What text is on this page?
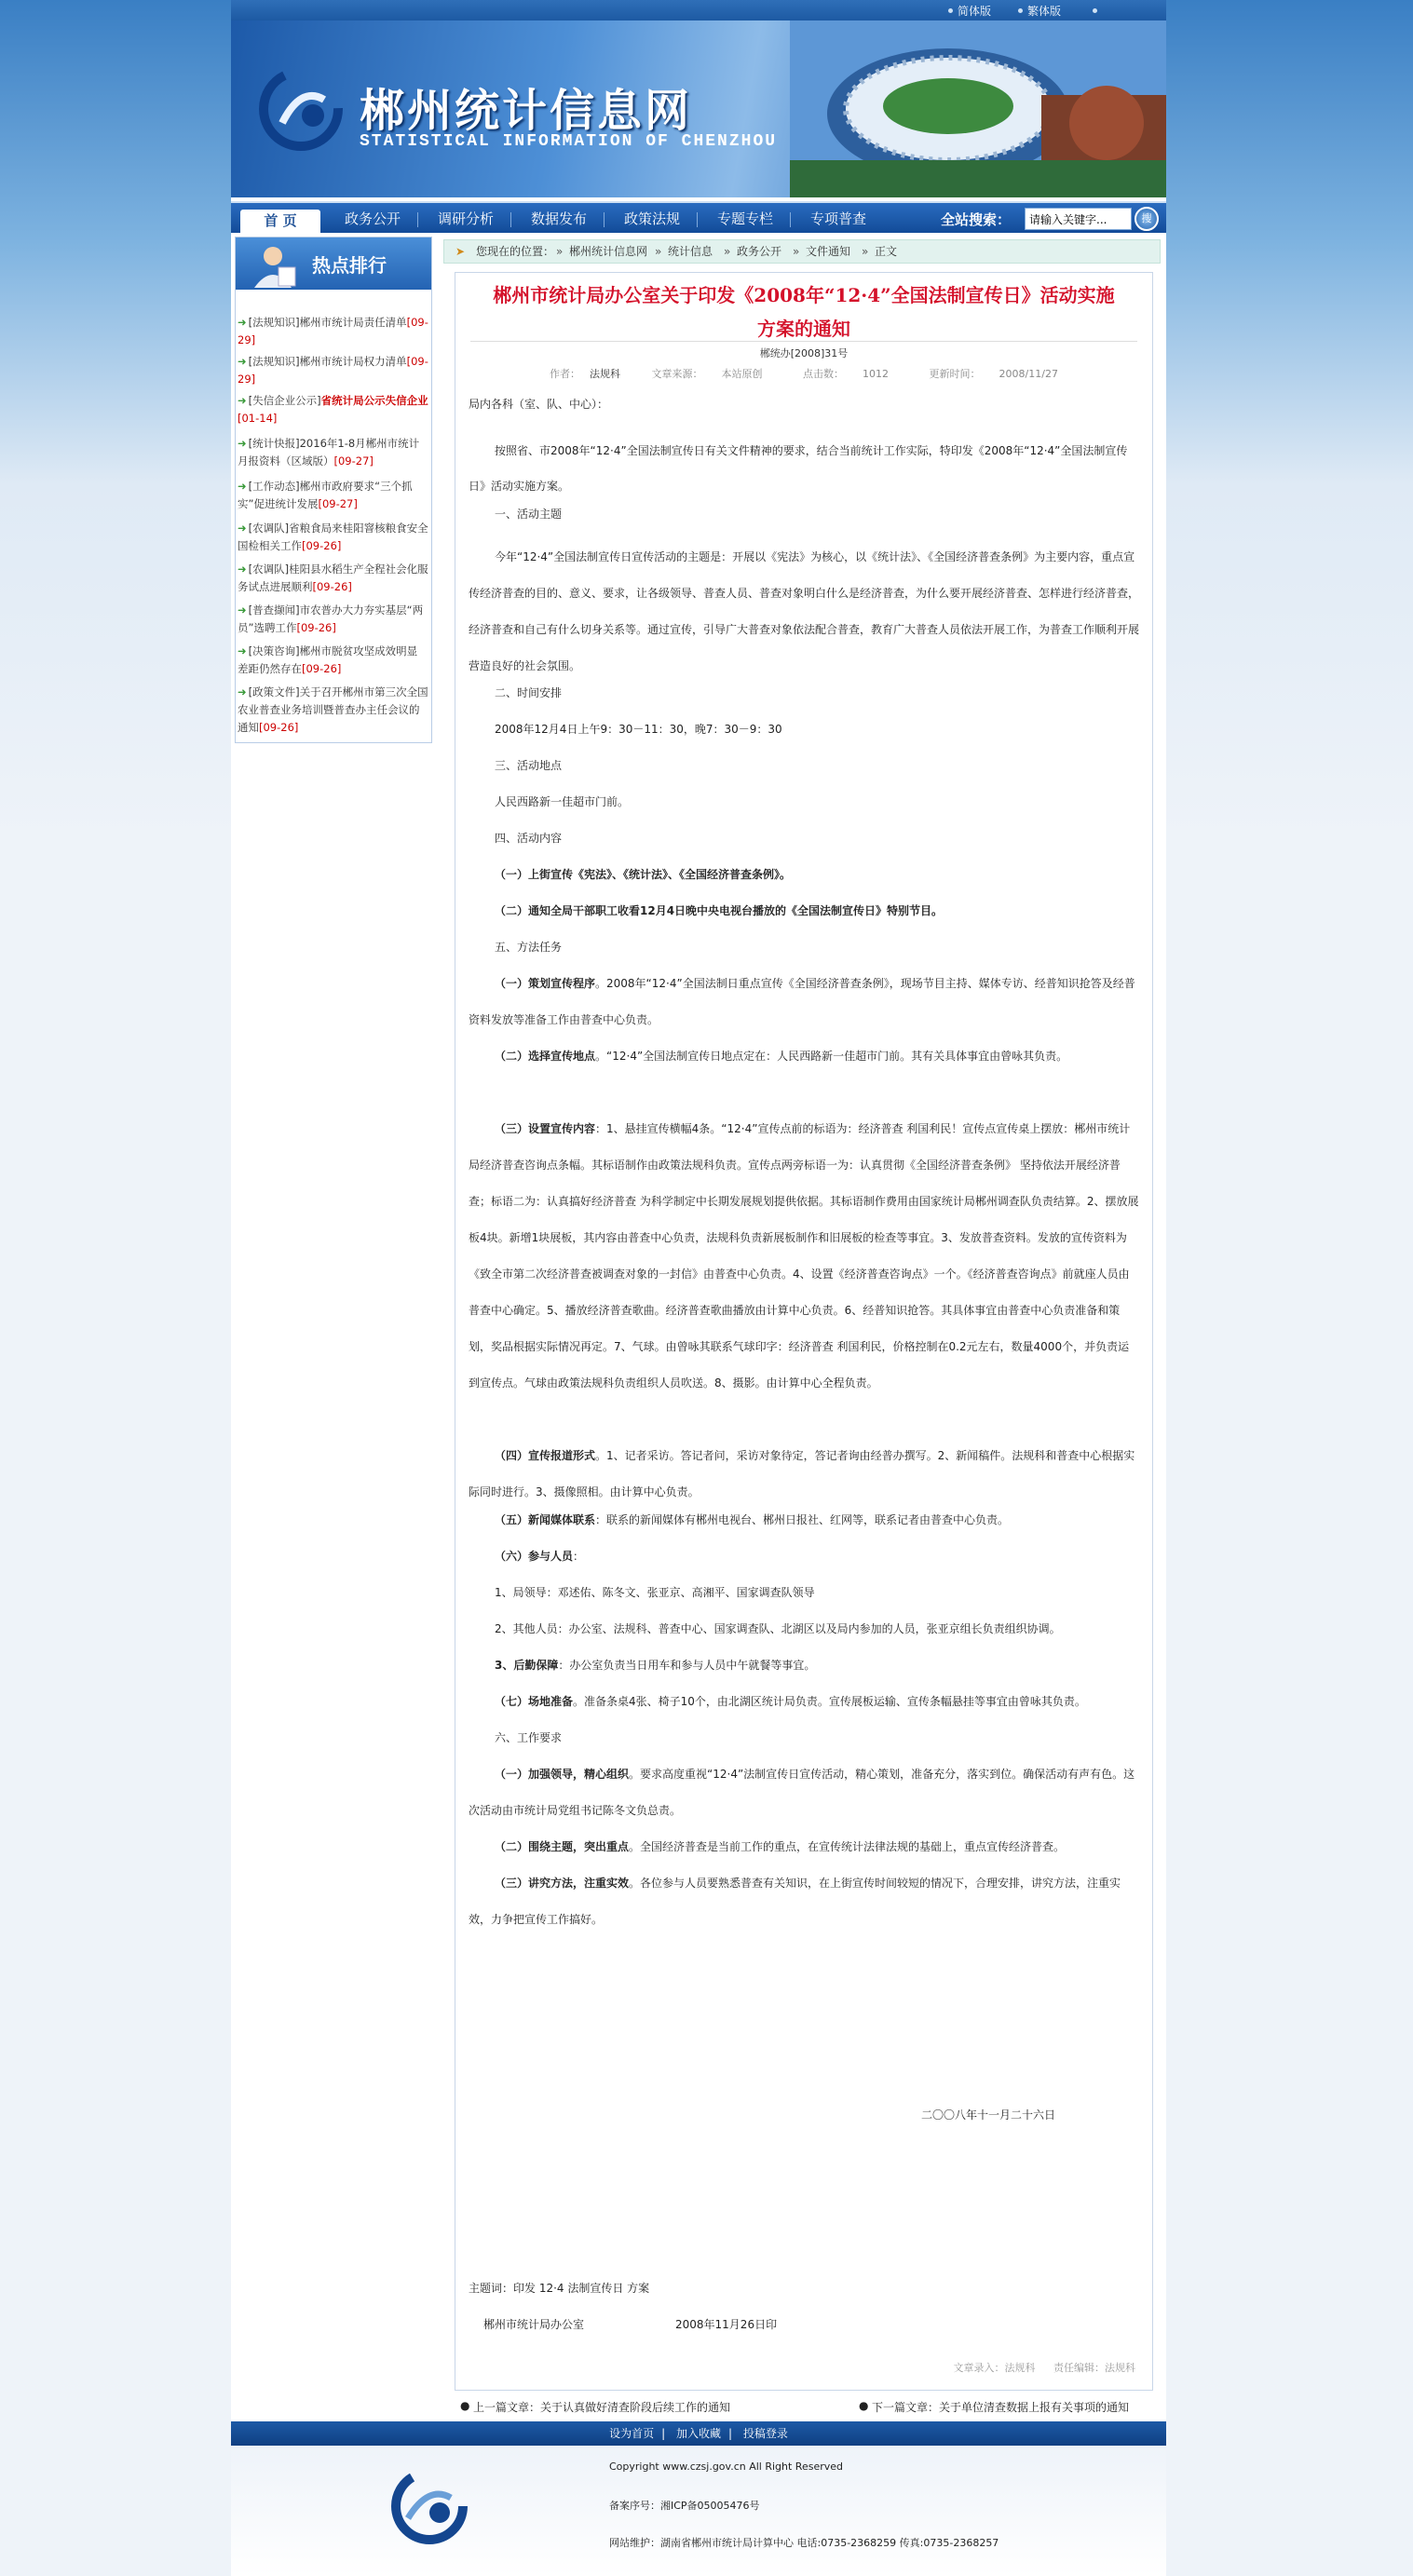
简体版	繁体版
郴州统计信息网
STATISTICAL INFORMATION OF CHENZHOU
首 页	政务公开	调研分析	数据发布	政策法规	专题专栏	专项普查	全站搜索：
请输入关键字...	搜
热点排行
➜ [法规知识]郴州市统计局责任清单[09-29]
➜ [法规知识]郴州市统计局权力清单[09-29]
➜ [失信企业公示]省统计局公示失信企业[01-14]
➜ [统计快报]2016年1-8月郴州市统计月报资料（区域版）[09-27]
➜ [工作动态]郴州市政府要求“三个抓实”促进统计发展[09-27]
➜ [农调队]省粮食局来桂阳窨核粮食安全国检相关工作[09-26]
➜ [农调队]桂阳县水稻生产全程社会化服务试点进展顺利[09-26]
➜ [普查撷闻]市农普办大力夯实基层“两员”选聘工作[09-26]
➜ [决策咨询]郴州市脱贫攻坚成效明显 差距仍然存在[09-26]
➜ [政策文件]关于召开郴州市第三次全国农业普查业务培训暨普查办主任会议的通知[09-26]
➤ 您现在的位置： » 郴州统计信息网 » 统计信息 » 政务公开 » 文件通知 » 正文
郴州市统计局办公室关于印发《2008年“12·4”全国法制宣传日》活动实施
方案的通知
郴统办[2008]31号
作者： 法规科	文章来源： 本站原创	点击数： 1012	更新时间： 2008/11/27
局内各科（室、队、中心）：
按照省、市2008年“12·4”全国法制宣传日有关文件精神的要求，结合当前统计工作实际，特印发《2008年“12·4”全国法制宣传日》活动实施方案。
一、活动主题
今年“12·4”全国法制宣传日宣传活动的主题是：开展以《宪法》为核心，以《统计法》、《全国经济普查条例》为主要内容，重点宣传经济普查的目的、意义、要求，让各级领导、普查人员、普查对象明白什么是经济普查，为什么要开展经济普查、怎样进行经济普查，经济普查和自己有什么切身关系等。通过宣传，引导广大普查对象依法配合普查，教育广大普查人员依法开展工作，为普查工作顺利开展营造良好的社会氛围。
二、时间安排
2008年12月4日上午9：30－11：30，晚7：30－9：30
三、活动地点
人民西路新一佳超市门前。
四、活动内容
（一）上街宣传《宪法》、《统计法》、《全国经济普查条例》。
（二）通知全局干部职工收看12月4日晚中央电视台播放的《全国法制宣传日》特别节目。
五、方法任务
（一）策划宣传程序。2008年“12·4”全国法制日重点宣传《全国经济普查条例》，现场节目主持、媒体专访、经普知识抢答及经普资料发放等准备工作由普查中心负责。
（二）选择宣传地点。“12·4”全国法制宣传日地点定在：人民西路新一佳超市门前。其有关具体事宜由曾咏其负责。
（三）设置宣传内容：1、悬挂宣传横幅4条。“12·4”宣传点前的标语为：经济普查 利国利民！宣传点宣传桌上摆放：郴州市统计局经济普查咨询点条幅。其标语制作由政策法规科负责。宣传点两旁标语一为：认真贯彻《全国经济普查条例》 坚持依法开展经济普查；标语二为：认真搞好经济普查 为科学制定中长期发展规划提供依据。其标语制作费用由国家统计局郴州调查队负责结算。2、摆放展板4块。新增1块展板，其内容由普查中心负责，法规科负责新展板制作和旧展板的检查等事宜。3、发放普查资料。发放的宣传资料为《致全市第二次经济普查被调查对象的一封信》由普查中心负责。4、设置《经济普查咨询点》一个。《经济普查咨询点》前就座人员由普查中心确定。5、播放经济普查歌曲。经济普查歌曲播放由计算中心负责。6、经普知识抢答。其具体事宜由普查中心负责准备和策划，奖品根据实际情况再定。7、气球。由曾咏其联系气球印字：经济普查 利国利民，价格控制在0.2元左右，数量4000个，并负责运到宣传点。气球由政策法规科负责组织人员吹送。8、摄影。由计算中心全程负责。
（四）宣传报道形式。1、记者采访。答记者问，采访对象待定，答记者询由经普办撰写。2、新闻稿件。法规科和普查中心根据实际同时进行。3、摄像照相。由计算中心负责。
（五）新闻媒体联系：联系的新闻媒体有郴州电视台、郴州日报社、红网等，联系记者由普查中心负责。
（六）参与人员：
1、局领导：邓述佑、陈冬文、张亚京、高湘平、国家调查队领导
2、其他人员：办公室、法规科、普查中心、国家调查队、北湖区以及局内参加的人员，张亚京组长负责组织协调。
3、后勤保障：办公室负责当日用车和参与人员中午就餐等事宜。
（七）场地准备。准备条桌4张、椅子10个，由北湖区统计局负责。宣传展板运输、宣传条幅悬挂等事宜由曾咏其负责。
六、工作要求
（一）加强领导，精心组织。要求高度重视“12·4”法制宣传日宣传活动，精心策划，准备充分，落实到位。确保活动有声有色。这次活动由市统计局党组书记陈冬文负总责。
（二）围绕主题，突出重点。全国经济普查是当前工作的重点，在宣传统计法律法规的基础上，重点宣传经济普查。
（三）讲究方法，注重实效。各位参与人员要熟悉普查有关知识，在上街宣传时间较短的情况下，合理安排，讲究方法，注重实效，力争把宣传工作搞好。
二〇〇八年十一月二十六日
主题词：印发 12·4 法制宣传日 方案
郴州市统计局办公室	2008年11月26日印
文章录入：法规科 责任编辑：法规科
● 上一篇文章：关于认真做好清查阶段后续工作的通知	● 下一篇文章：关于单位清查数据上报有关事项的通知
设为首页 | 加入收藏 | 投稿登录
Copyright www.czsj.gov.cn All Right Reserved
备案序号：湘ICP备05005476号
网站维护：湖南省郴州市统计局计算中心 电话:0735-2368259 传真:0735-2368257
